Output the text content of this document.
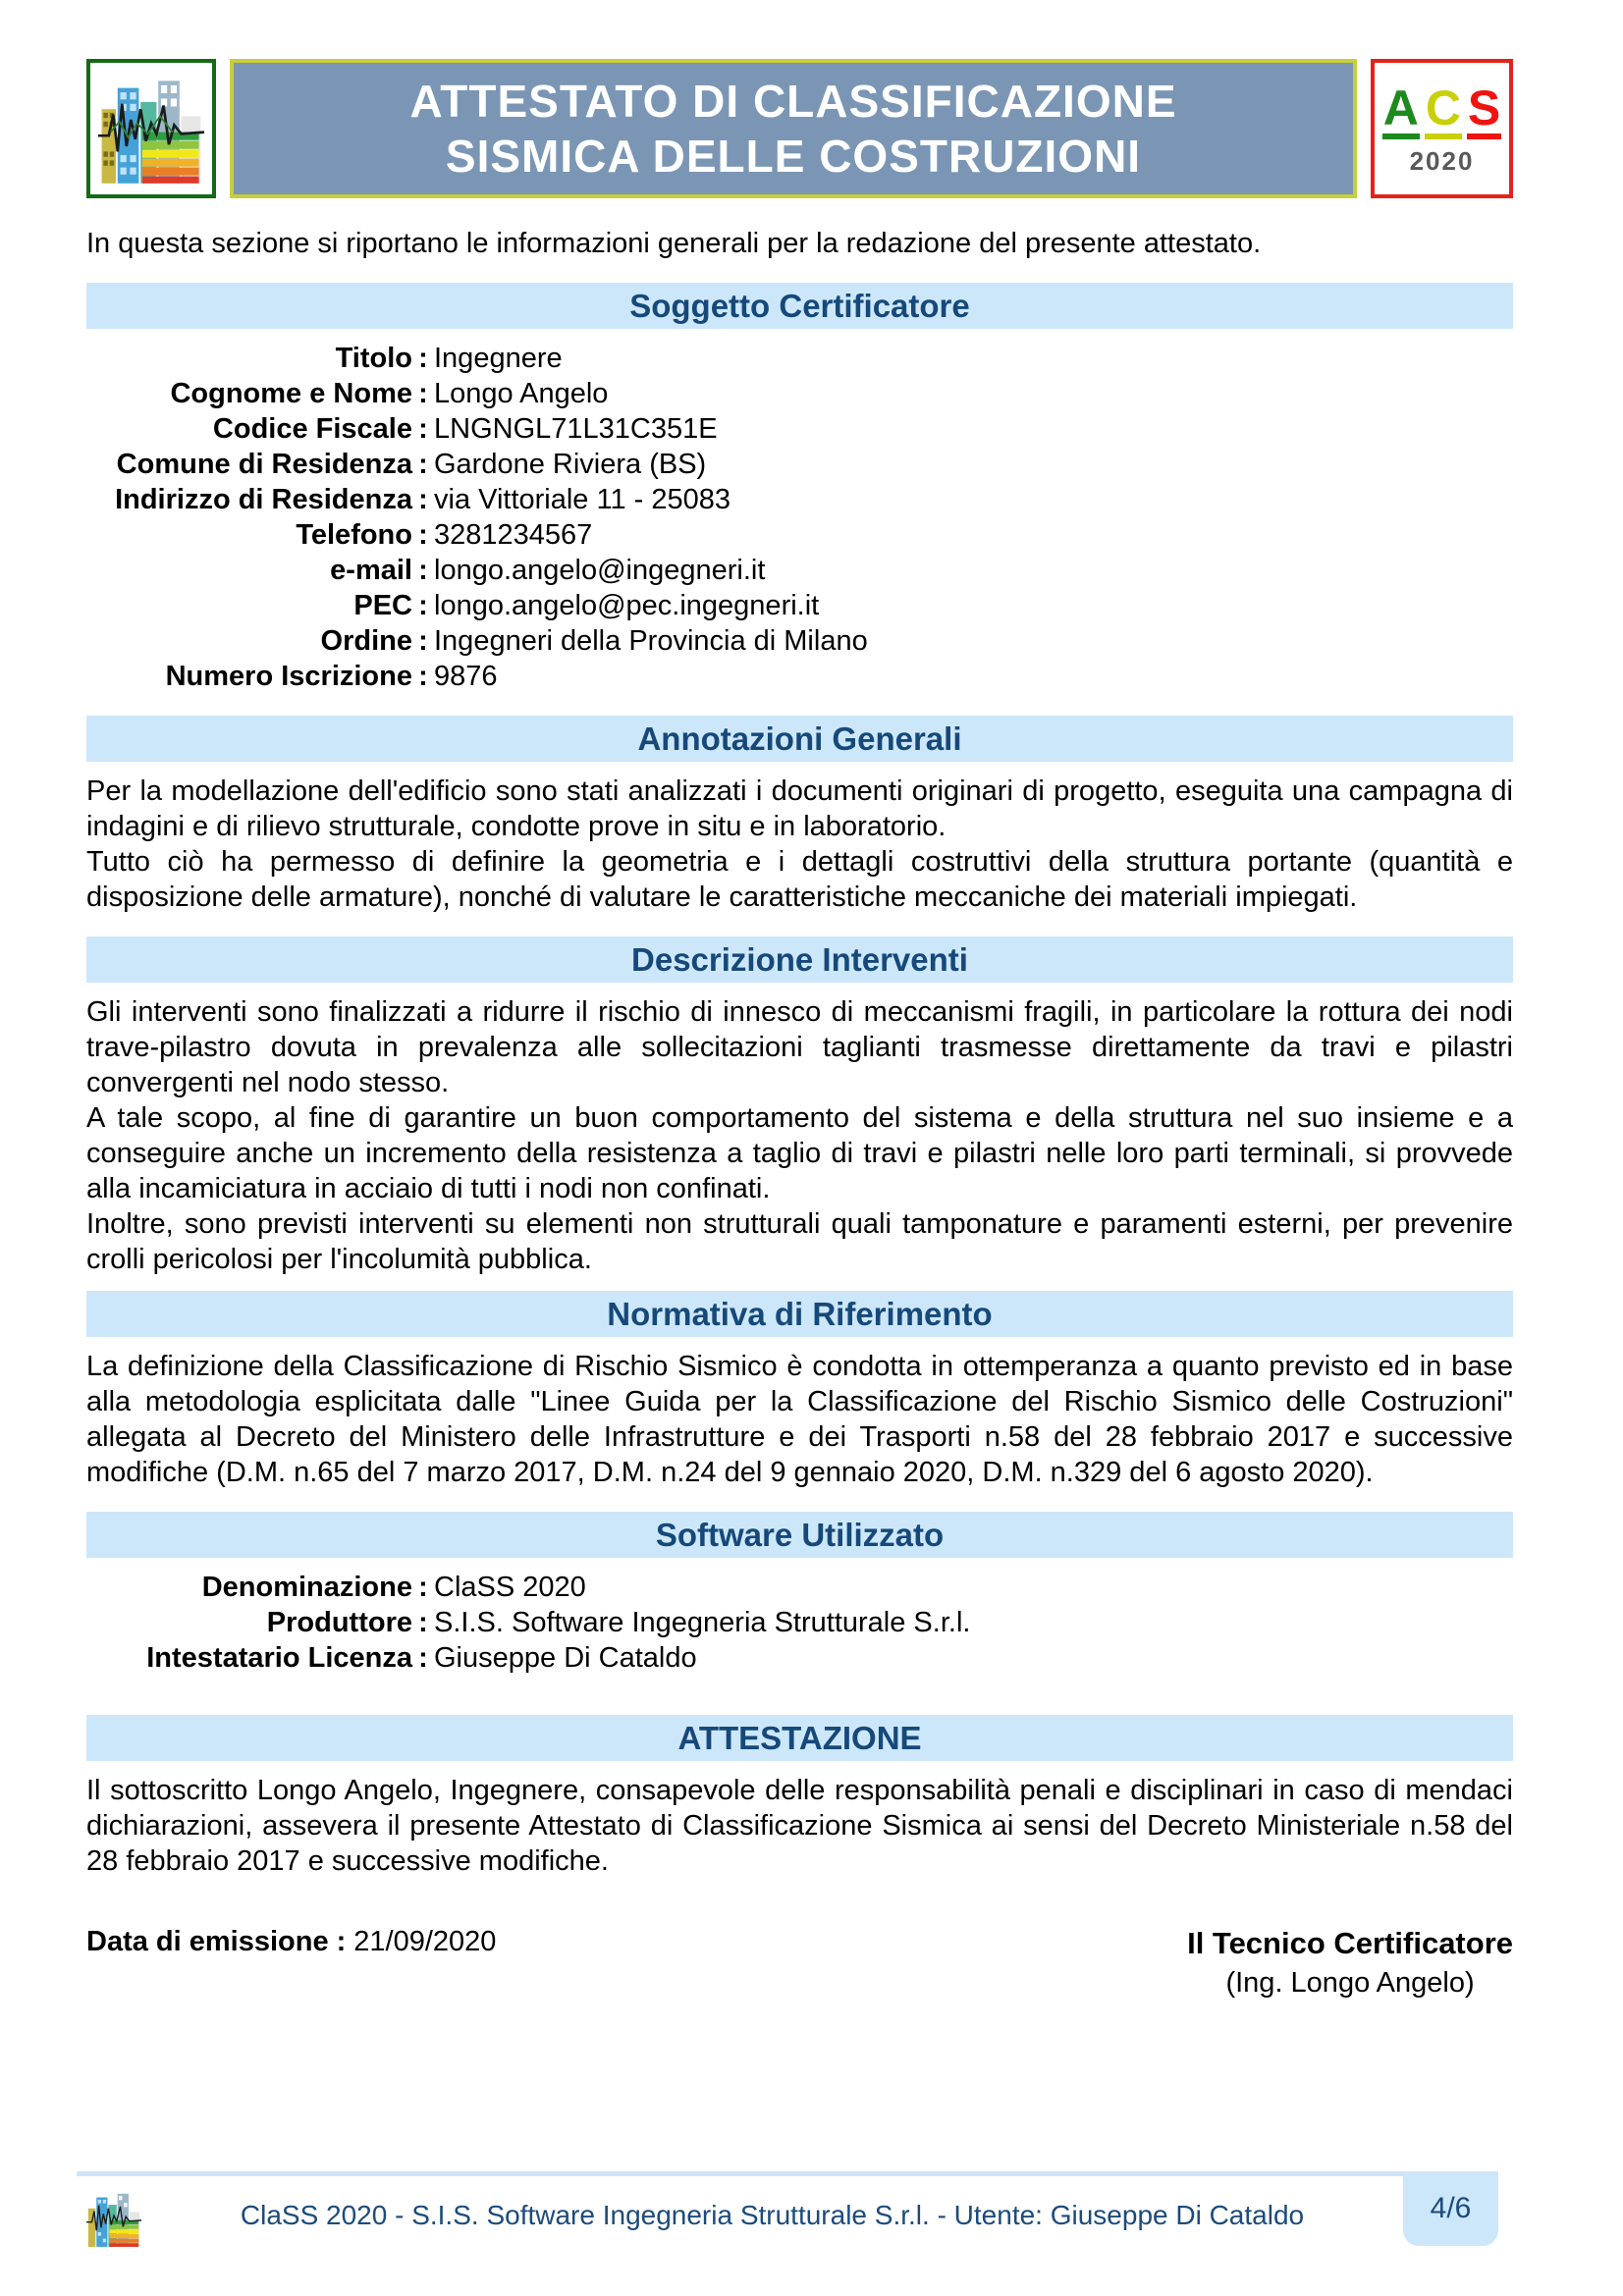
ATTESTATO DI CLASSIFICAZIONE
SISMICA DELLE COSTRUZIONI
A C S
2020
In questa sezione si riportano le informazioni generali per la redazione del presente attestato.
Soggetto Certificatore
Titolo : Ingegnere
Cognome e Nome : Longo Angelo
Codice Fiscale : LNGNGL71L31C351E
Comune di Residenza : Gardone Riviera (BS)
Indirizzo di Residenza : via Vittoriale 11 - 25083
Telefono : 3281234567
e-mail : longo.angelo@ingegneri.it
PEC : longo.angelo@pec.ingegneri.it
Ordine : Ingegneri della Provincia di Milano
Numero Iscrizione : 9876
Annotazioni Generali

Per la modellazione dell'edificio sono stati analizzati i documenti originari di progetto, eseguita una campagna di indagini e di rilievo strutturale, condotte prove in situ e in laboratorio.

Tutto ciò ha permesso di definire la geometria e i dettagli costruttivi della struttura portante (quantità e disposizione delle armature), nonché di valutare le caratteristiche meccaniche dei materiali impiegati.

Descrizione Interventi

Gli interventi sono finalizzati a ridurre il rischio di innesco di meccanismi fragili, in particolare la rottura dei nodi trave-pilastro dovuta in prevalenza alle sollecitazioni taglianti trasmesse direttamente da travi e pilastri convergenti nel nodo stesso.

A tale scopo, al fine di garantire un buon comportamento del sistema e della struttura nel suo insieme e a conseguire anche un incremento della resistenza a taglio di travi e pilastri nelle loro parti terminali, si provvede alla incamiciatura in acciaio di tutti i nodi non confinati.

Inoltre, sono previsti interventi su elementi non strutturali quali tamponature e paramenti esterni, per prevenire crolli pericolosi per l'incolumità pubblica.

Normativa di Riferimento

La definizione della Classificazione di Rischio Sismico è condotta in ottemperanza a quanto previsto ed in base alla metodologia esplicitata dalle "Linee Guida per la Classificazione del Rischio Sismico delle Costruzioni" allegata al Decreto del Ministero delle Infrastrutture e dei Trasporti n.58 del 28 febbraio 2017 e successive modifiche (D.M. n.65 del 7 marzo 2017, D.M. n.24 del 9 gennaio 2020, D.M. n.329 del 6 agosto 2020).

Software Utilizzato
Denominazione : ClaSS 2020
Produttore : S.I.S. Software Ingegneria Strutturale S.r.l.
Intestatario Licenza : Giuseppe Di Cataldo
ATTESTAZIONE

Il sottoscritto Longo Angelo, Ingegnere, consapevole delle responsabilità penali e disciplinari in caso di mendaci dichiarazioni, assevera il presente Attestato di Classificazione Sismica ai sensi del Decreto Ministeriale n.58 del 28 febbraio 2017 e successive modifiche.

Data di emissione : 21/09/2020	Il Tecnico Certificatore
(Ing. Longo Angelo)
ClaSS 2020 - S.I.S. Software Ingegneria Strutturale S.r.l. - Utente: Giuseppe Di Cataldo	4/6
